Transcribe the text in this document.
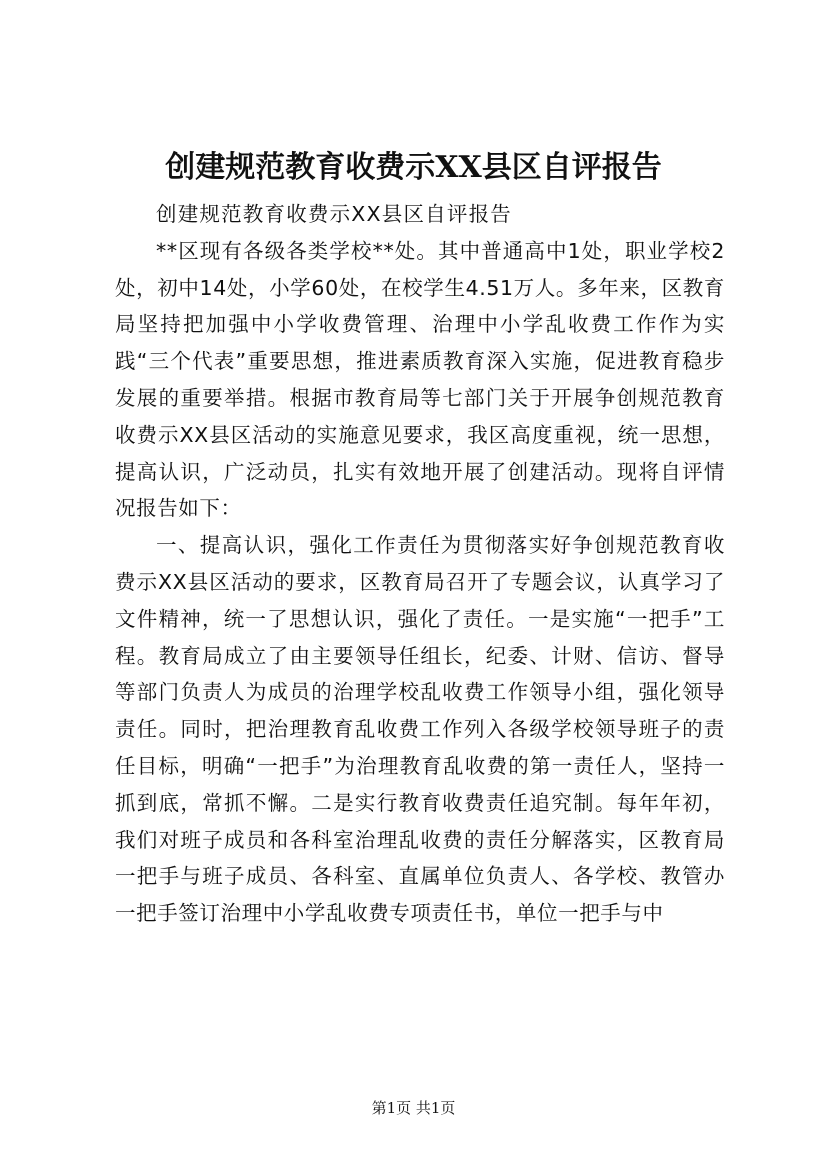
创建规范教育收费示XX县区自评报告

创建规范教育收费示XX县区自评报告

**区现有各级各类学校**处。其中普通高中1处，职业学校2处，初中14处，小学60处，在校学生4.51万人。多年来，区教育局坚持把加强中小学收费管理、治理中小学乱收费工作作为实践“三个代表”重要思想，推进素质教育深入实施，促进教育稳步发展的重要举措。根据市教育局等七部门关于开展争创规范教育收费示XX县区活动的实施意见要求，我区高度重视，统一思想，提高认识，广泛动员，扎实有效地开展了创建活动。现将自评情况报告如下：

一、提高认识，强化工作责任为贯彻落实好争创规范教育收费示XX县区活动的要求，区教育局召开了专题会议，认真学习了文件精神，统一了思想认识，强化了责任。一是实施“一把手”工程。教育局成立了由主要领导任组长，纪委、计财、信访、督导等部门负责人为成员的治理学校乱收费工作领导小组，强化领导责任。同时，把治理教育乱收费工作列入各级学校领导班子的责任目标，明确“一把手”为治理教育乱收费的第一责任人，坚持一抓到底，常抓不懈。二是实行教育收费责任追究制。每年年初，我们对班子成员和各科室治理乱收费的责任分解落实，区教育局一把手与班子成员、各科室、直属单位负责人、各学校、教管办一把手签订治理中小学乱收费专项责任书，单位一把手与中

第1页 共1页
